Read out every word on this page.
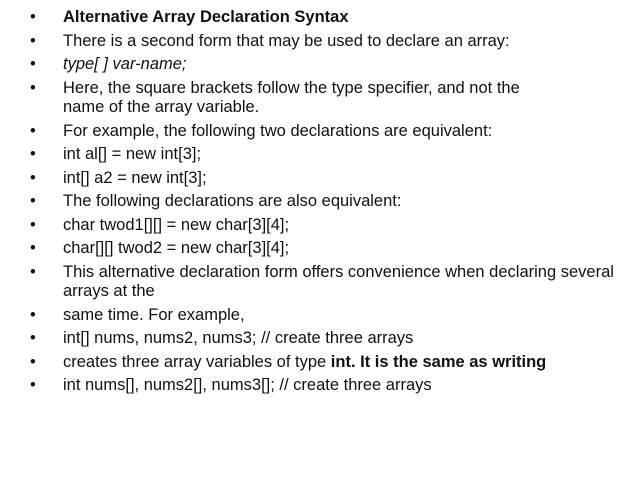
•	Alternative Array Declaration Syntax
•	There is a second form that may be used to declare an array:
•	type[ ] var-name;
•	Here, the square brackets follow the type specifier, and not the name of the array variable.
•	For example, the following two declarations are equivalent:
•	int al[] = new int[3];
•	int[] a2 = new int[3];
•	The following declarations are also equivalent:
•	char twod1[][] = new char[3][4];
•	char[][] twod2 = new char[3][4];
•	This alternative declaration form offers convenience when declaring several arrays at the
•	same time. For example,
•	int[] nums, nums2, nums3; // create three arrays
•	creates three array variables of type int. It is the same as writing
•	int nums[], nums2[], nums3[]; // create three arrays
